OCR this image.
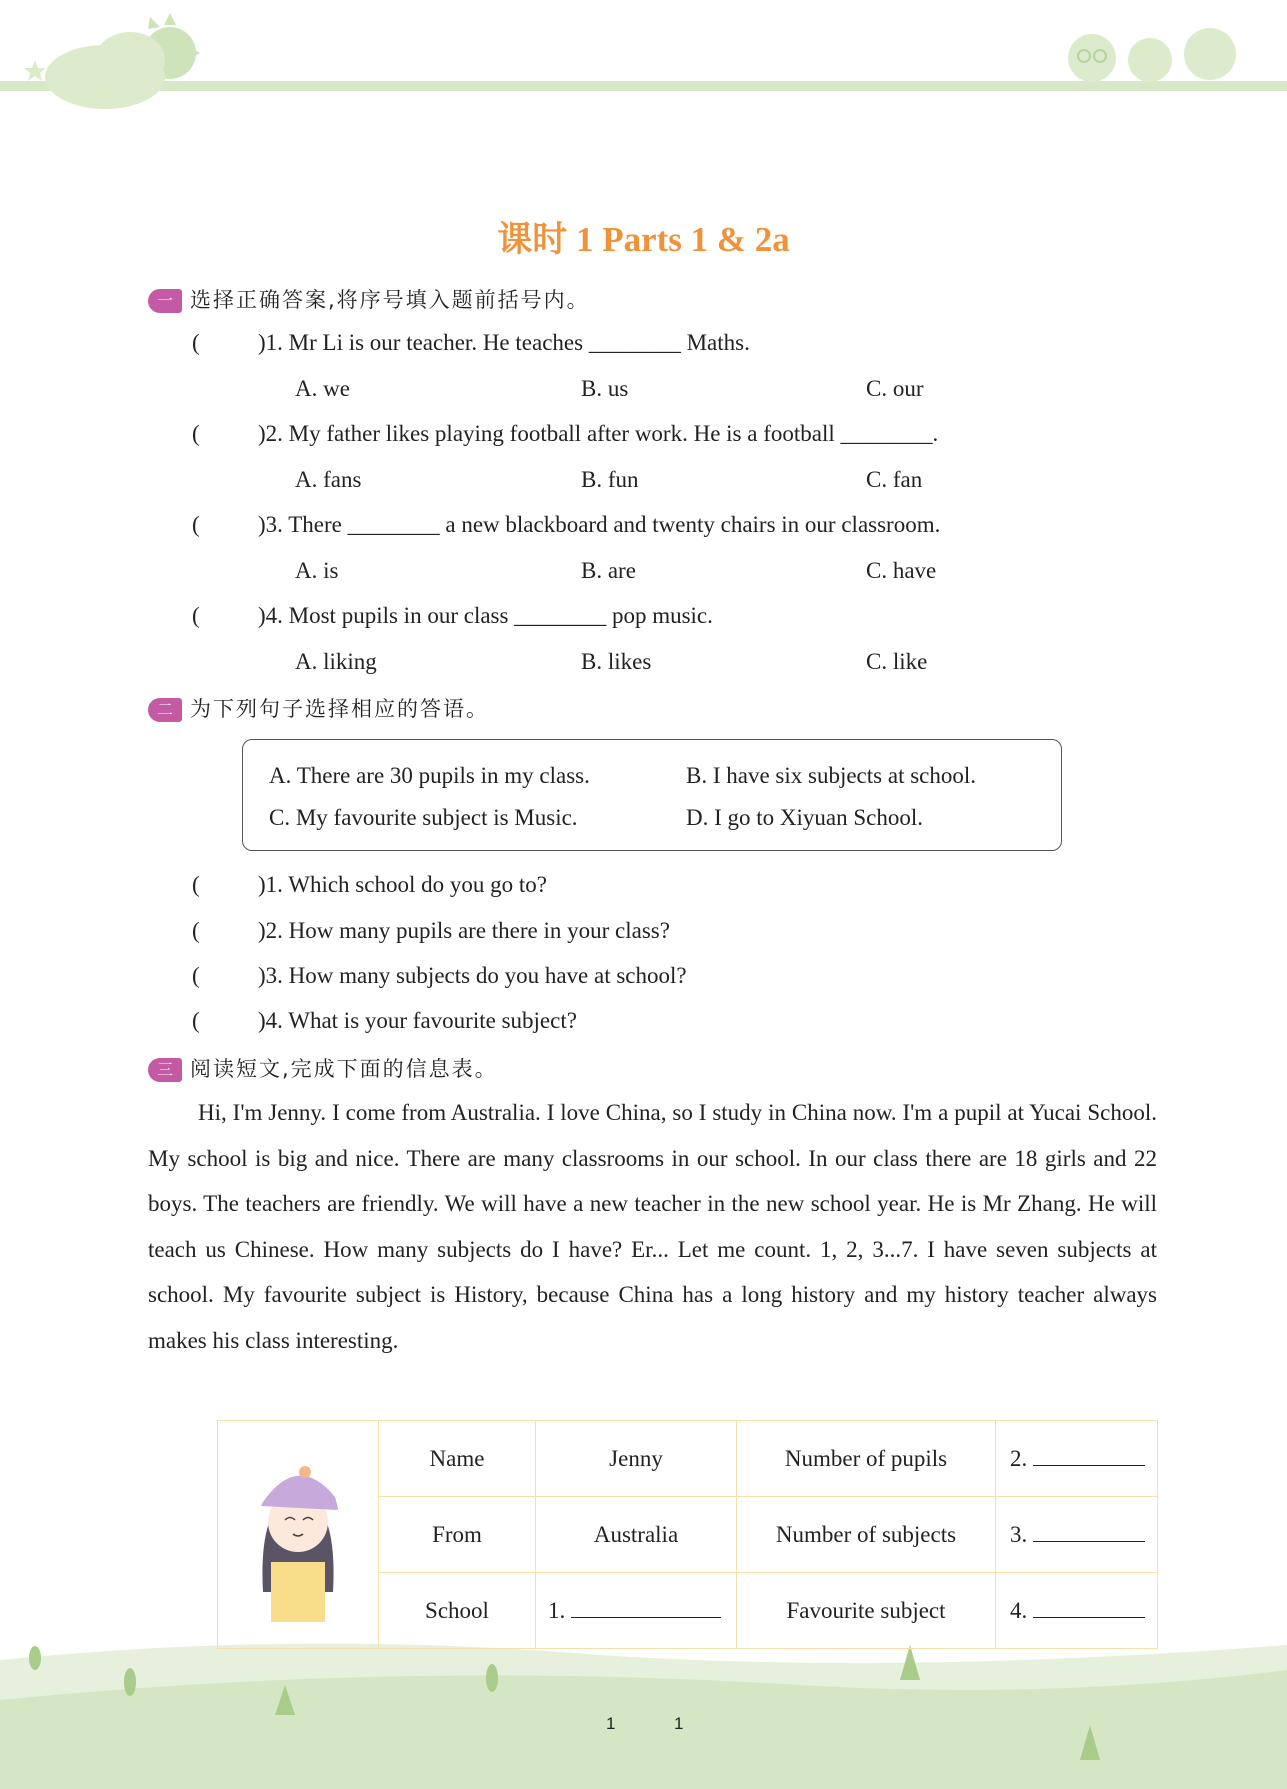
课时 1 Parts 1 & 2a
一 选择正确答案,将序号填入题前括号内。
(	)1. Mr Li is our teacher. He teaches ________ Maths.
A. we	B. us	C. our
(	)2. My father likes playing football after work. He is a football ________.
A. fans	B. fun	C. fan
(	)3. There ________ a new blackboard and twenty chairs in our classroom.
A. is	B. are	C. have
(	)4. Most pupils in our class ________ pop music.
A. liking	B. likes	C. like
二 为下列句子选择相应的答语。
A. There are 30 pupils in my class.	B. I have six subjects at school.
C. My favourite subject is Music.	D. I go to Xiyuan School.
(	)1. Which school do you go to?
(	)2. How many pupils are there in your class?
(	)3. How many subjects do you have at school?
(	)4. What is your favourite subject?
三 阅读短文,完成下面的信息表。
Hi, I'm Jenny. I come from Australia. I love China, so I study in China now. I'm a pupil at Yucai School. My school is big and nice. There are many classrooms in our school. In our class there are 18 girls and 22 boys. The teachers are friendly. We will have a new teacher in the new school year. He is Mr Zhang. He will teach us Chinese. How many subjects do I have? Er... Let me count. 1, 2, 3...7. I have seven subjects at school. My favourite subject is History, because China has a long history and my history teacher always makes his class interesting.
	Name	Jenny	Number of pupils	2.
	From	Australia	Number of subjects	3.
	School	1.	Favourite subject	4.
1	1
